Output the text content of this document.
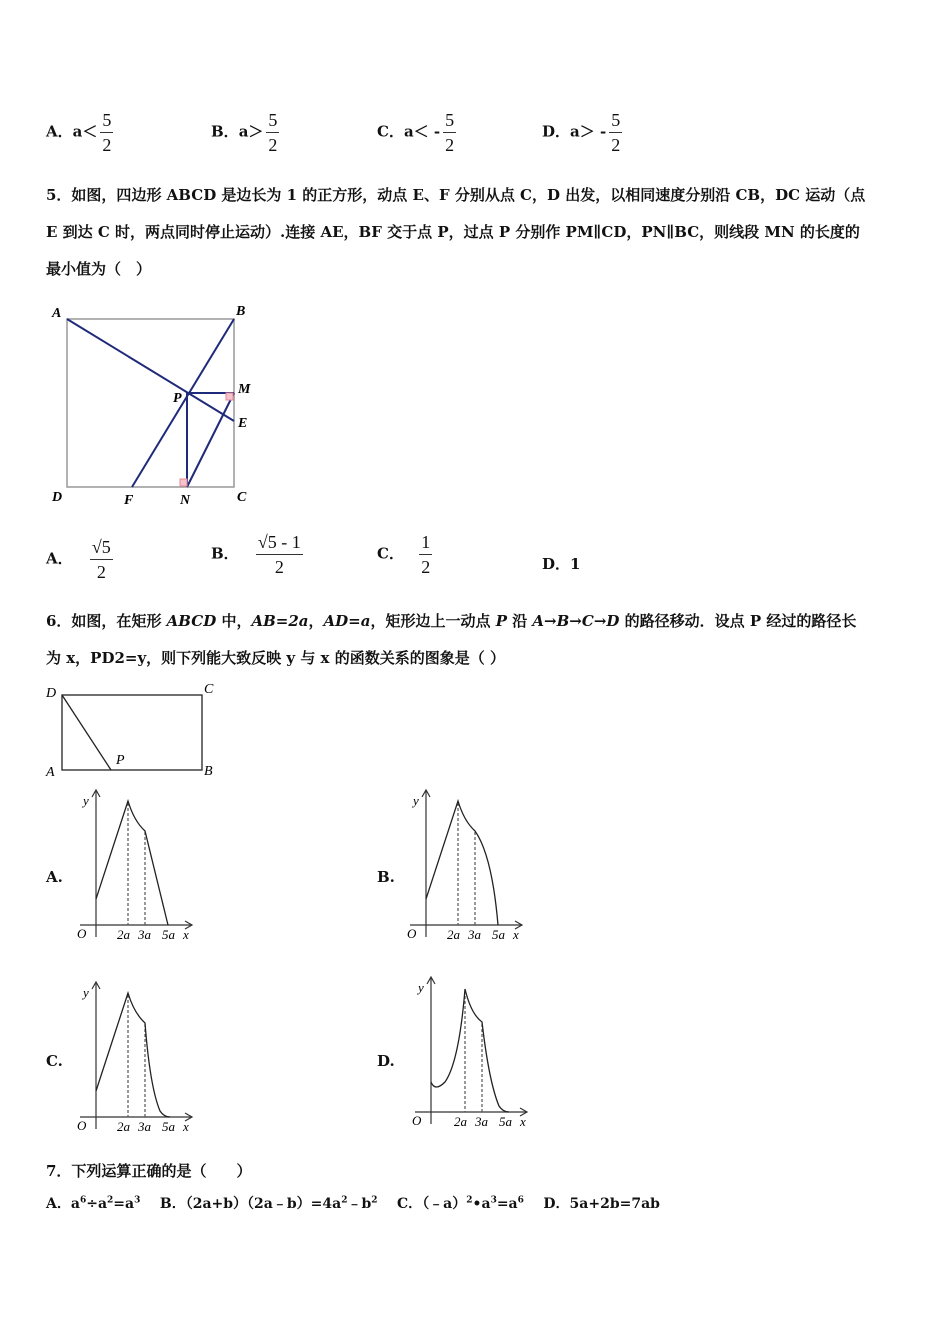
A．$a< \frac{5}{2}$	B．$a> \frac{5}{2}$	C．$a< - \frac{5}{2}$	D．$a> - \frac{5}{2}$
5．如图，四边形 ABCD 是边长为 1 的正方形，动点 E、F 分别从点 C，D 出发，以相同速度分别沿 CB，DC 运动（点
E 到达 C 时，两点同时停止运动）.连接 AE，BF 交于点 P，过点 P 分别作 PM∥CD，PN∥BC，则线段 MN 的长度的
最小值为（　）
A	B
C
D
E
F
M
N
P
A． $\frac{√5}{2}$	B． $\frac{√5 - 1}{2}$	C． $\frac{1}{2}$	D．1
6．如图，在矩形 ABCD 中，AB=2a，AD=a，矩形边上一动点 P 沿 A→B→C→D 的路径移动．设点 P 经过的路径长
为 x，PD2=y，则下列能大致反映 y 与 x 的函数关系的图象是（ ）
D	C
A	B
P
A.
y
O 2a 3a 5a x
B.
y
O 2a 3a 5a x
C.
y
O 2a 3a 5a x
D.
y
O	2a 3a 5a x
7．下列运算正确的是（　　）
A．$a^6\div a^2=a^3$ B．$(2a+b)(2a﹣b)=4a^2﹣b^2$ C．$(﹣a)^2•a^3=a^6$ D．5a+2b=7ab
